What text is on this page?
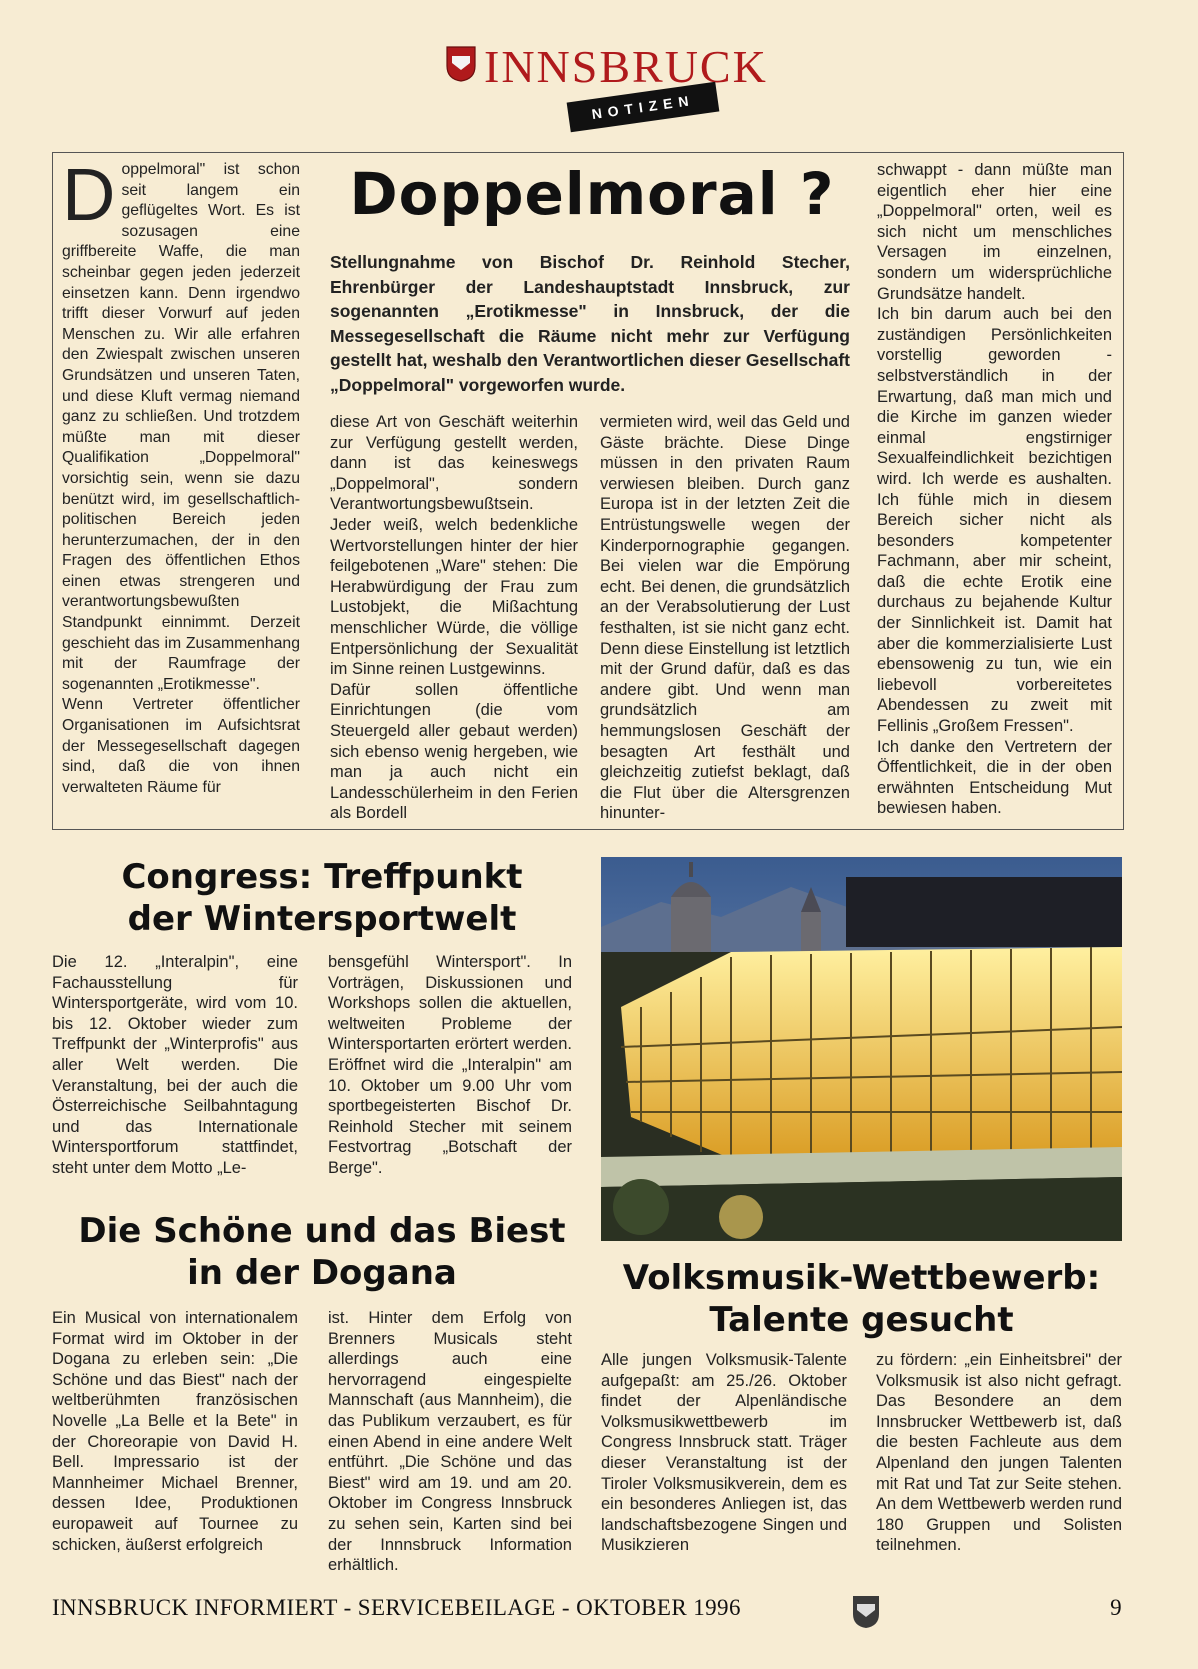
INNSBRUCK
NOTIZEN
D oppelmoral" ist schon seit langem ein geflügeltes Wort. Es ist sozusagen eine griffbereite Waffe, die man scheinbar gegen jeden jederzeit einsetzen kann. Denn irgendwo trifft dieser Vorwurf auf jeden Menschen zu. Wir alle erfahren den Zwiespalt zwischen unseren Grundsätzen und unseren Taten, und diese Kluft vermag niemand ganz zu schließen. Und trotzdem müßte man mit dieser Qualifikation „Doppelmoral" vorsichtig sein, wenn sie dazu benützt wird, im gesellschaftlich-politischen Bereich jeden herunterzumachen, der in den Fragen des öffentlichen Ethos einen etwas strengeren und verantwortungsbewußten Standpunkt einnimmt. Derzeit geschieht das im Zusammenhang mit der Raumfrage der sogenannten „Erotikmesse".
Wenn Vertreter öffentlicher Organisationen im Aufsichtsrat der Messegesellschaft dagegen sind, daß die von ihnen verwalteten Räume für

Doppelmoral ?

Stellungnahme von Bischof Dr. Reinhold Stecher, Ehrenbürger der Landeshauptstadt Innsbruck, zur sogenannten „Erotikmesse" in Innsbruck, der die Messegesellschaft die Räume nicht mehr zur Verfügung gestellt hat, weshalb den Verantwortlichen dieser Gesellschaft „Doppelmoral" vorgeworfen wurde.

diese Art von Geschäft weiterhin zur Verfügung gestellt werden, dann ist das keineswegs „Doppelmoral", sondern Verantwortungsbewußtsein. Jeder weiß, welch bedenkliche Wertvorstellungen hinter der hier feilgebotenen „Ware" stehen: Die Herabwürdigung der Frau zum Lustobjekt, die Mißachtung menschlicher Würde, die völlige Entpersönlichung der Sexualität im Sinne reinen Lustgewinns.
Dafür sollen öffentliche Einrichtungen (die vom Steuergeld aller gebaut werden) sich ebenso wenig hergeben, wie man ja auch nicht ein Landesschülerheim in den Ferien als Bordell

vermieten wird, weil das Geld und Gäste brächte. Diese Dinge müssen in den privaten Raum verwiesen bleiben. Durch ganz Europa ist in der letzten Zeit die Entrüstungswelle wegen der Kinderpornographie gegangen. Bei vielen war die Empörung echt. Bei denen, die grundsätzlich an der Verabsolutierung der Lust festhalten, ist sie nicht ganz echt. Denn diese Einstellung ist letztlich mit der Grund dafür, daß es das andere gibt. Und wenn man grundsätzlich am hemmungslosen Geschäft der besagten Art festhält und gleichzeitig zutiefst beklagt, daß die Flut über die Altersgrenzen hinunter-

schwappt - dann müßte man eigentlich eher hier eine „Doppelmoral" orten, weil es sich nicht um menschliches Versagen im einzelnen, sondern um widersprüchliche Grundsätze handelt.
Ich bin darum auch bei den zuständigen Persönlichkeiten vorstellig geworden - selbstverständlich in der Erwartung, daß man mich und die Kirche im ganzen wieder einmal engstirniger Sexualfeindlichkeit bezichtigen wird. Ich werde es aushalten. Ich fühle mich in diesem Bereich sicher nicht als besonders kompetenter Fachmann, aber mir scheint, daß die echte Erotik eine durchaus zu bejahende Kultur der Sinnlichkeit ist. Damit hat aber die kommerzialisierte Lust ebensowenig zu tun, wie ein liebevoll vorbereitetes Abendessen zu zweit mit Fellinis „Großem Fressen".
Ich danke den Vertretern der Öffentlichkeit, die in der oben erwähnten Entscheidung Mut bewiesen haben.

Congress: Treffpunkt
der Wintersportwelt

Die 12. „Interalpin", eine Fachausstellung für Wintersportgeräte, wird vom 10. bis 12. Oktober wieder zum Treffpunkt der „Winterprofis" aus aller Welt werden. Die Veranstaltung, bei der auch die Österreichische Seilbahntagung und das Internationale Wintersportforum stattfindet, steht unter dem Motto „Le-

bensgefühl Wintersport". In Vorträgen, Diskussionen und Workshops sollen die aktuellen, weltweiten Probleme der Wintersportarten erörtert werden. Eröffnet wird die „Interalpin" am 10. Oktober um 9.00 Uhr vom sportbegeisterten Bischof Dr. Reinhold Stecher mit seinem Festvortrag „Botschaft der Berge".

Die Schöne und das Biest
in der Dogana

Ein Musical von internationalem Format wird im Oktober in der Dogana zu erleben sein: „Die Schöne und das Biest" nach der weltberühmten französischen Novelle „La Belle et la Bete" in der Choreorapie von David H. Bell. Impressario ist der Mannheimer Michael Brenner, dessen Idee, Produktionen europaweit auf Tournee zu schicken, äußerst erfolgreich

ist. Hinter dem Erfolg von Brenners Musicals steht allerdings auch eine hervorragend eingespielte Mannschaft (aus Mannheim), die das Publikum verzaubert, es für einen Abend in eine andere Welt entführt. „Die Schöne und das Biest" wird am 19. und am 20. Oktober im Congress Innsbruck zu sehen sein, Karten sind bei der Innnsbruck Information erhältlich.

Volksmusik-Wettbewerb:
Talente gesucht

Alle jungen Volksmusik-Talente aufgepaßt: am 25./26. Oktober findet der Alpenländische Volksmusikwettbewerb im Congress Innsbruck statt. Träger dieser Veranstaltung ist der Tiroler Volksmusikverein, dem es ein besonderes Anliegen ist, das landschaftsbezogene Singen und Musikzieren

zu fördern: „ein Einheitsbrei" der Volksmusik ist also nicht gefragt. Das Besondere an dem Innsbrucker Wettbewerb ist, daß die besten Fachleute aus dem Alpenland den jungen Talenten mit Rat und Tat zur Seite stehen. An dem Wettbewerb werden rund 180 Gruppen und Solisten teilnehmen.

INNSBRUCK INFORMIERT - SERVICEBEILAGE - OKTOBER 1996	9
